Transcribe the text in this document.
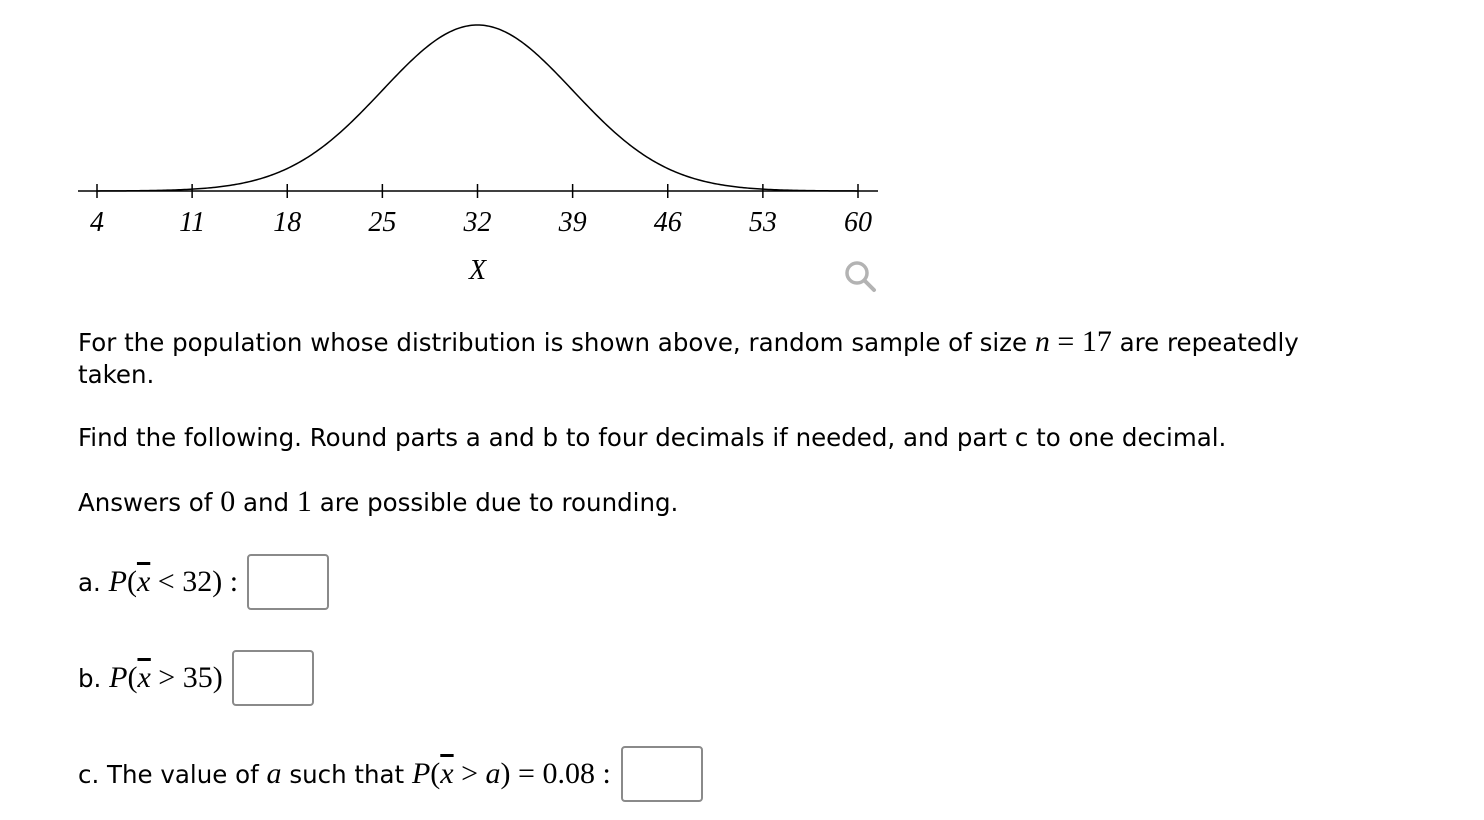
4	11 18 25 32 39 46 53 60
X
For the population whose distribution is shown above, random sample of size n = 17 are repeatedly taken.
Find the following. Round parts a and b to four decimals if needed, and part c to one decimal.
Answers of 0 and 1 are possible due to rounding.
a.
$P(\overline{x} < 32)$ :
b.
$P(\overline{x} > 35)$
c. The value of
a
such that
$P(\overline{x} > a) = 0.08$ :
